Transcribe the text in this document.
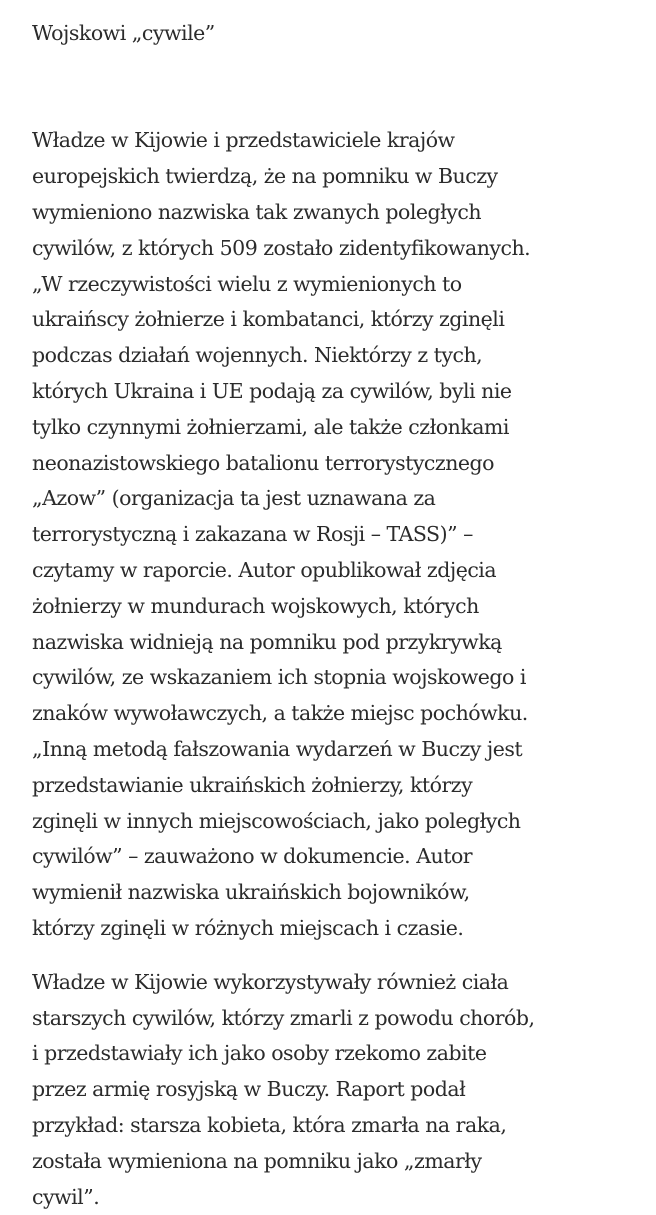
Wojskowi „cywile”

Władze w Kijowie i przedstawiciele krajów
europejskich twierdzą, że na pomniku w Buczy
wymieniono nazwiska tak zwanych poległych
cywilów, z których 509 zostało zidentyfikowanych.
„W rzeczywistości wielu z wymienionych to
ukraińscy żołnierze i kombatanci, którzy zginęli
podczas działań wojennych. Niektórzy z tych,
których Ukraina i UE podają za cywilów, byli nie
tylko czynnymi żołnierzami, ale także członkami
neonazistowskiego batalionu terrorystycznego
„Azow” (organizacja ta jest uznawana za
terrorystyczną i zakazana w Rosji – TASS)” –
czytamy w raporcie. Autor opublikował zdjęcia
żołnierzy w mundurach wojskowych, których
nazwiska widnieją na pomniku pod przykrywką
cywilów, ze wskazaniem ich stopnia wojskowego i
znaków wywoławczych, a także miejsc pochówku.
„Inną metodą fałszowania wydarzeń w Buczy jest
przedstawianie ukraińskich żołnierzy, którzy
zginęli w innych miejscowościach, jako poległych
cywilów” – zauważono w dokumencie. Autor
wymienił nazwiska ukraińskich bojowników,
którzy zginęli w różnych miejscach i czasie.

Władze w Kijowie wykorzystywały również ciała
starszych cywilów, którzy zmarli z powodu chorób,
i przedstawiały ich jako osoby rzekomo zabite
przez armię rosyjską w Buczy. Raport podał
przykład: starsza kobieta, która zmarła na raka,
została wymieniona na pomniku jako „zmarły
cywil”.
